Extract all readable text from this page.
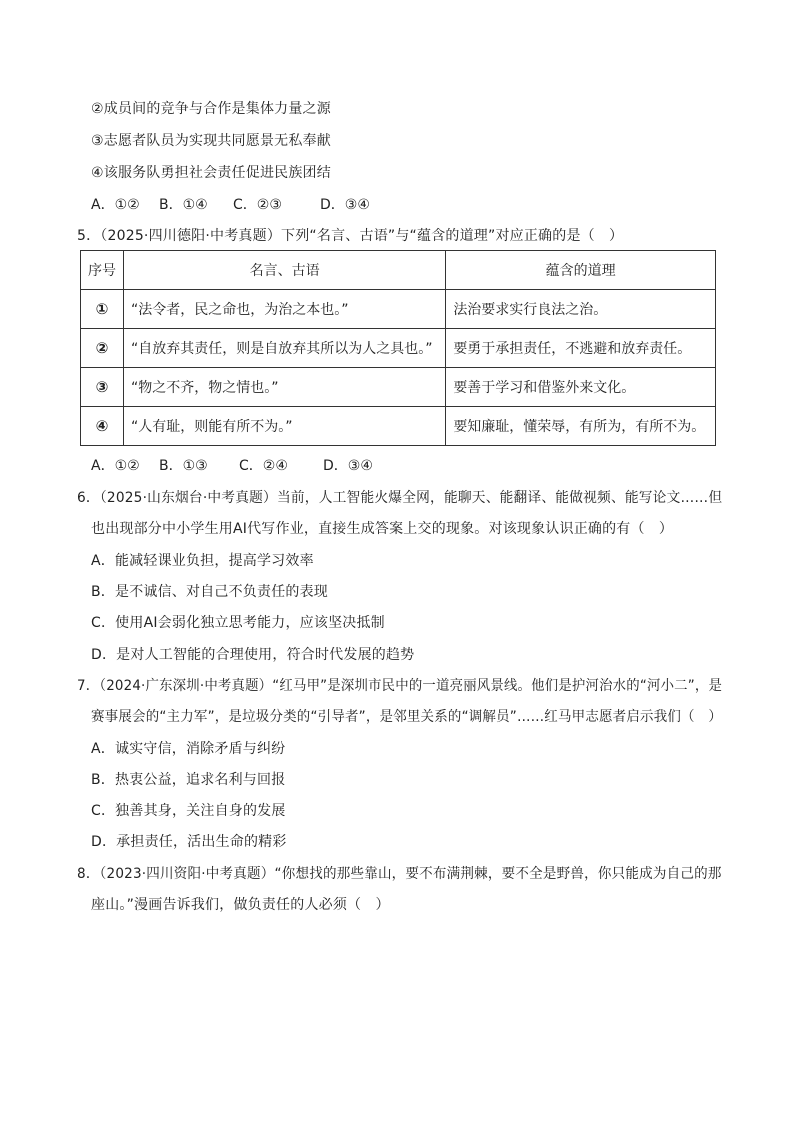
②成员间的竞争与合作是集体力量之源
③志愿者队员为实现共同愿景无私奉献
④该服务队勇担社会责任促进民族团结
A．①② B．①④ C．②③	D．③④
5．（2025·四川德阳·中考真题）下列“名言、古语”与“蕴含的道理”对应正确的是（　）
序号	名言、古语	蕴含的道理
①	“法令者，民之命也，为治之本也。”	法治要求实行良法之治。
②	“自放弃其责任，则是自放弃其所以为人之具也。”	要勇于承担责任，不逃避和放弃责任。
③	“物之不齐，物之情也。”	要善于学习和借鉴外来文化。
④	“人有耻，则能有所不为。”	要知廉耻，懂荣辱，有所为，有所不为。
A．①② B．①③ C．②④	D．③④
6．（2025·山东烟台·中考真题）当前，人工智能火爆全网，能聊天、能翻译、能做视频、能写论文……但
也出现部分中小学生用AI代写作业，直接生成答案上交的现象。对该现象认识正确的有（　）
A．能减轻课业负担，提高学习效率
B．是不诚信、对自己不负责任的表现
C．使用AI会弱化独立思考能力，应该坚决抵制
D．是对人工智能的合理使用，符合时代发展的趋势
7．（2024·广东深圳·中考真题）“红马甲”是深圳市民中的一道亮丽风景线。他们是护河治水的“河小二”，是
赛事展会的“主力军”，是垃圾分类的“引导者”，是邻里关系的“调解员”……红马甲志愿者启示我们（　）
A．诚实守信，消除矛盾与纠纷
B．热衷公益，追求名利与回报
C．独善其身，关注自身的发展
D．承担责任，活出生命的精彩
8．（2023·四川资阳·中考真题）“你想找的那些靠山，要不布满荆棘，要不全是野兽，你只能成为自己的那
座山。”漫画告诉我们，做负责任的人必须（　）
